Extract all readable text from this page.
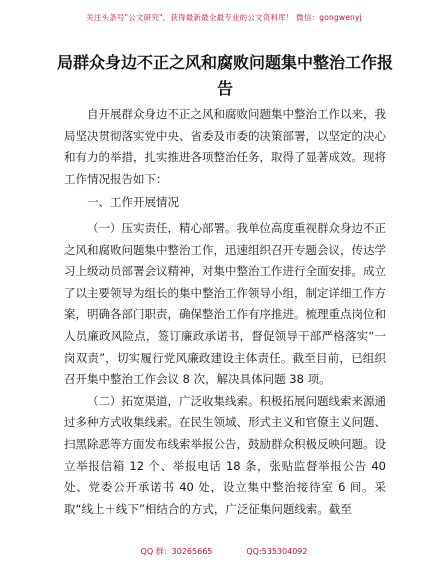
关注头条号"公文研究"，获得最新最全最专业的公文资料库！ 微信：gongwenyj
局群众身边不正之风和腐败问题集中整治工作报告

自开展群众身边不正之风和腐败问题集中整治工作以来，我局坚决贯彻落实党中央、省委及市委的决策部署，以坚定的决心和有力的举措，扎实推进各项整治任务，取得了显著成效。现将工作情况报告如下：

一、工作开展情况

（一）压实责任，精心部署。我单位高度重视群众身边不正之风和腐败问题集中整治工作，迅速组织召开专题会议，传达学习上级动员部署会议精神，对集中整治工作进行全面安排。成立了以主要领导为组长的集中整治工作领导小组，制定详细工作方案，明确各部门职责，确保整治工作有序推进。梳理重点岗位和人员廉政风险点，签订廉政承诺书，督促领导干部严格落实“一岗双责”，切实履行党风廉政建设主体责任。截至目前，已组织召开集中整治工作会议 8 次，解决具体问题 38 项。

（二）拓宽渠道，广泛收集线索。积极拓展问题线索来源通过多种方式收集线索。在民生领域、形式主义和官僚主义问题、扫黑除恶等方面发布线索举报公告，鼓励群众积极反映问题。设立举报信箱 12 个、举报电话 18 条，张贴监督举报公告 40 处、党委公开承诺书 40 处，设立集中整治接待室 6 间。采取“线上＋线下”相结合的方式，广泛征集问题线索。截至

QQ 群：30265665	QQ:535304092
